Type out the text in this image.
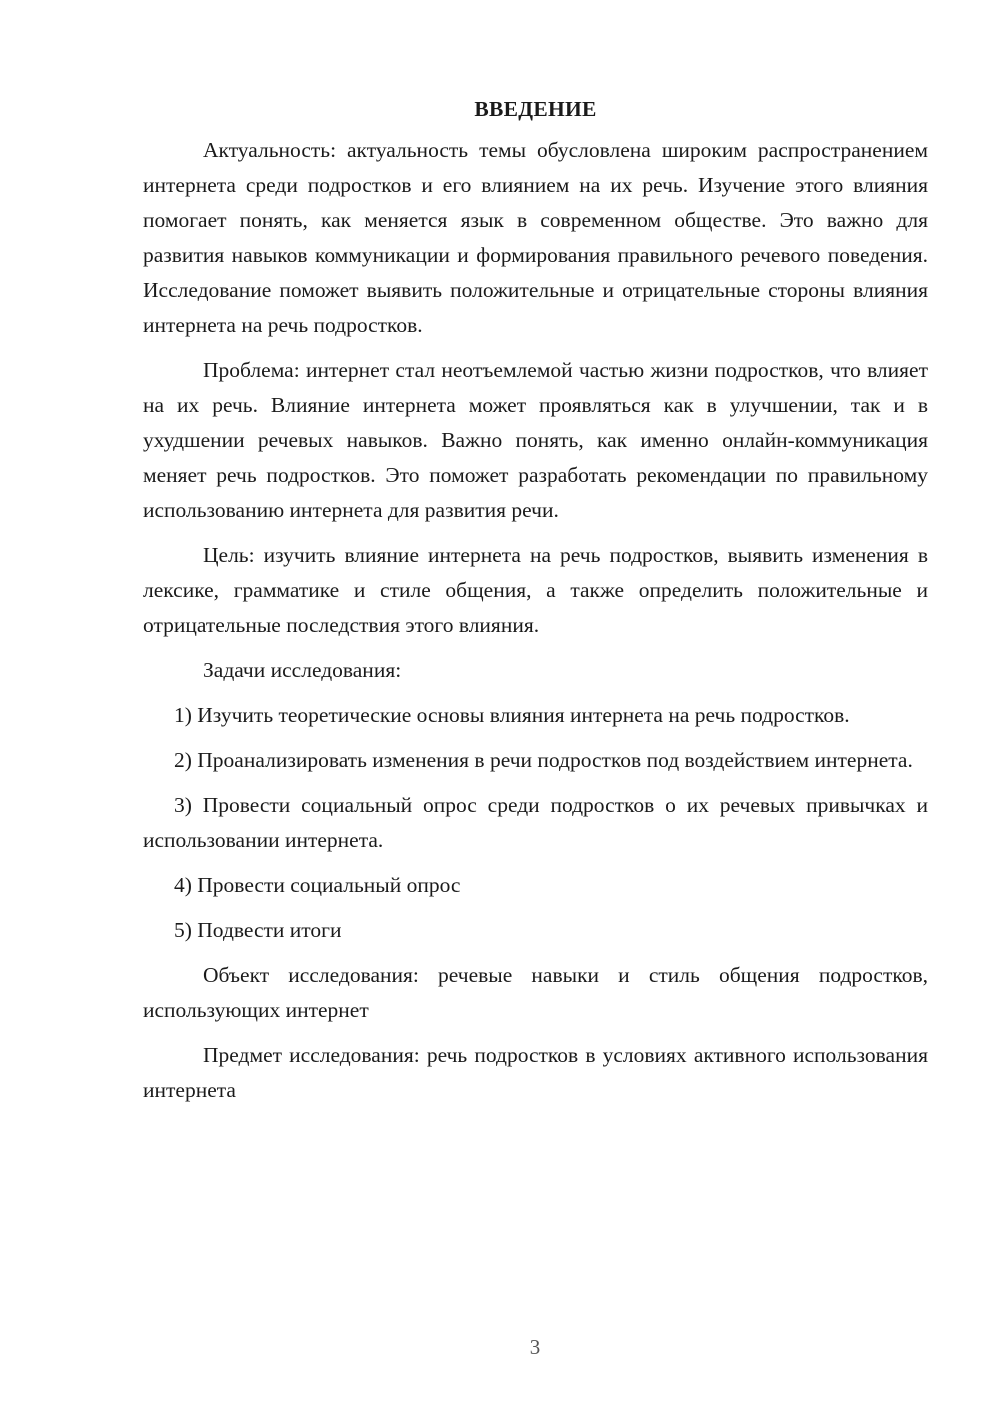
ВВЕДЕНИЕ

Актуальность: актуальность темы обусловлена широким распространением интернета среди подростков и его влиянием на их речь. Изучение этого влияния помогает понять, как меняется язык в современном обществе. Это важно для развития навыков коммуникации и формирования правильного речевого поведения. Исследование поможет выявить положительные и отрицательные стороны влияния интернета на речь подростков.

Проблема: интернет стал неотъемлемой частью жизни подростков, что влияет на их речь. Влияние интернета может проявляться как в улучшении, так и в ухудшении речевых навыков. Важно понять, как именно онлайн-коммуникация меняет речь подростков. Это поможет разработать рекомендации по правильному использованию интернета для развития речи.

Цель: изучить влияние интернета на речь подростков, выявить изменения в лексике, грамматике и стиле общения, а также определить положительные и отрицательные последствия этого влияния.

Задачи исследования:

1) Изучить теоретические основы влияния интернета на речь подростков.

2) Проанализировать изменения в речи подростков под воздействием интернета.

3) Провести социальный опрос среди подростков о их речевых привычках и использовании интернета.

4) Провести социальный опрос

5) Подвести итоги

Объект исследования: речевые навыки и стиль общения подростков, использующих интернет

Предмет исследования: речь подростков в условиях активного использования интернета

3
